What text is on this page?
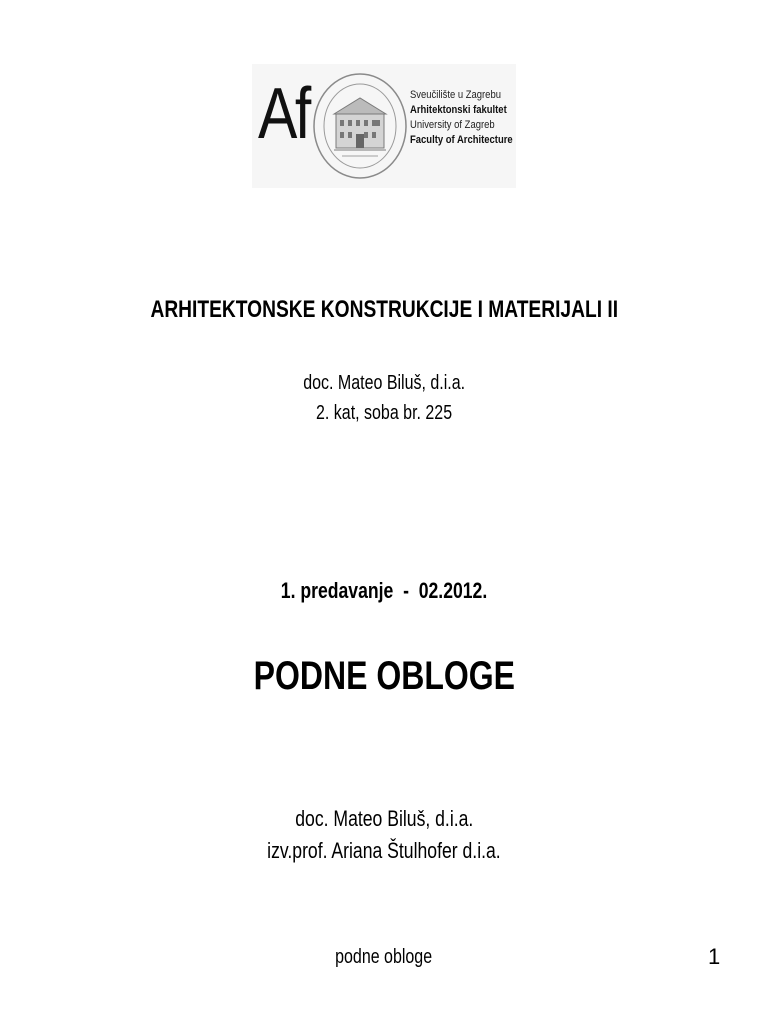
Af	Sveučilište u Zagrebu
Arhitektonski fakultet
University of Zagreb
Faculty of Architecture
ARHITEKTONSKE KONSTRUKCIJE I MATERIJALI II
doc. Mateo Biluš, d.i.a.
2. kat, soba br. 225
1. predavanje  -  02.2012.
PODNE OBLOGE
doc. Mateo Biluš, d.i.a.
izv.prof. Ariana Štulhofer d.i.a.
podne obloge	1
